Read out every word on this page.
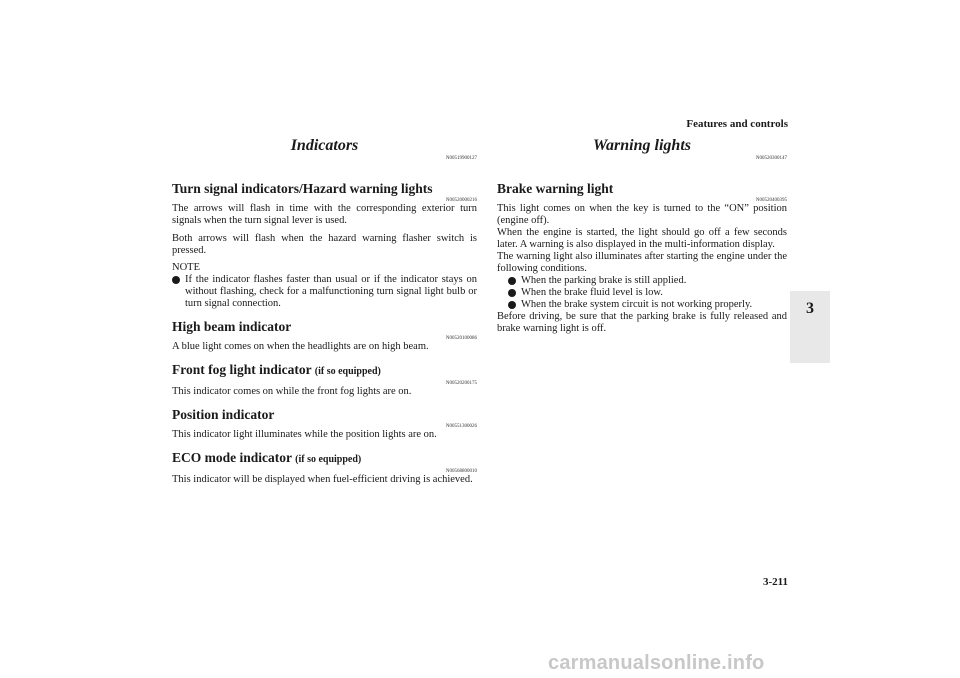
Features and controls
3
Indicators
N00519900127
Turn signal indicators/Hazard warning lights
N00520000216

The arrows will flash in time with the corresponding exterior turn signals when the turn signal lever is used.

Both arrows will flash when the hazard warning flasher switch is pressed.

NOTE
If the indicator flashes faster than usual or if the indicator stays on without flashing, check for a malfunctioning turn signal light bulb or turn signal connection.
High beam indicator
N00520100086

A blue light comes on when the headlights are on high beam.

Front fog light indicator (if so equipped)
N00520200175

This indicator comes on while the front fog lights are on.

Position indicator
N00551300026

This indicator light illuminates while the position lights are on.

ECO mode indicator (if so equipped)
N00568800010

This indicator will be displayed when fuel-efficient driving is achieved.

Warning lights
N00520300147
Brake warning light
N00520400395

This light comes on when the key is turned to the “ON” position (engine off).

When the engine is started, the light should go off a few seconds later. A warning is also displayed in the multi-information display.

The warning light also illuminates after starting the engine under the following conditions.

When the parking brake is still applied.
When the brake fluid level is low.
When the brake system circuit is not working properly.

Before driving, be sure that the parking brake is fully released and brake warning light is off.

3-211
carmanualsonline.info
